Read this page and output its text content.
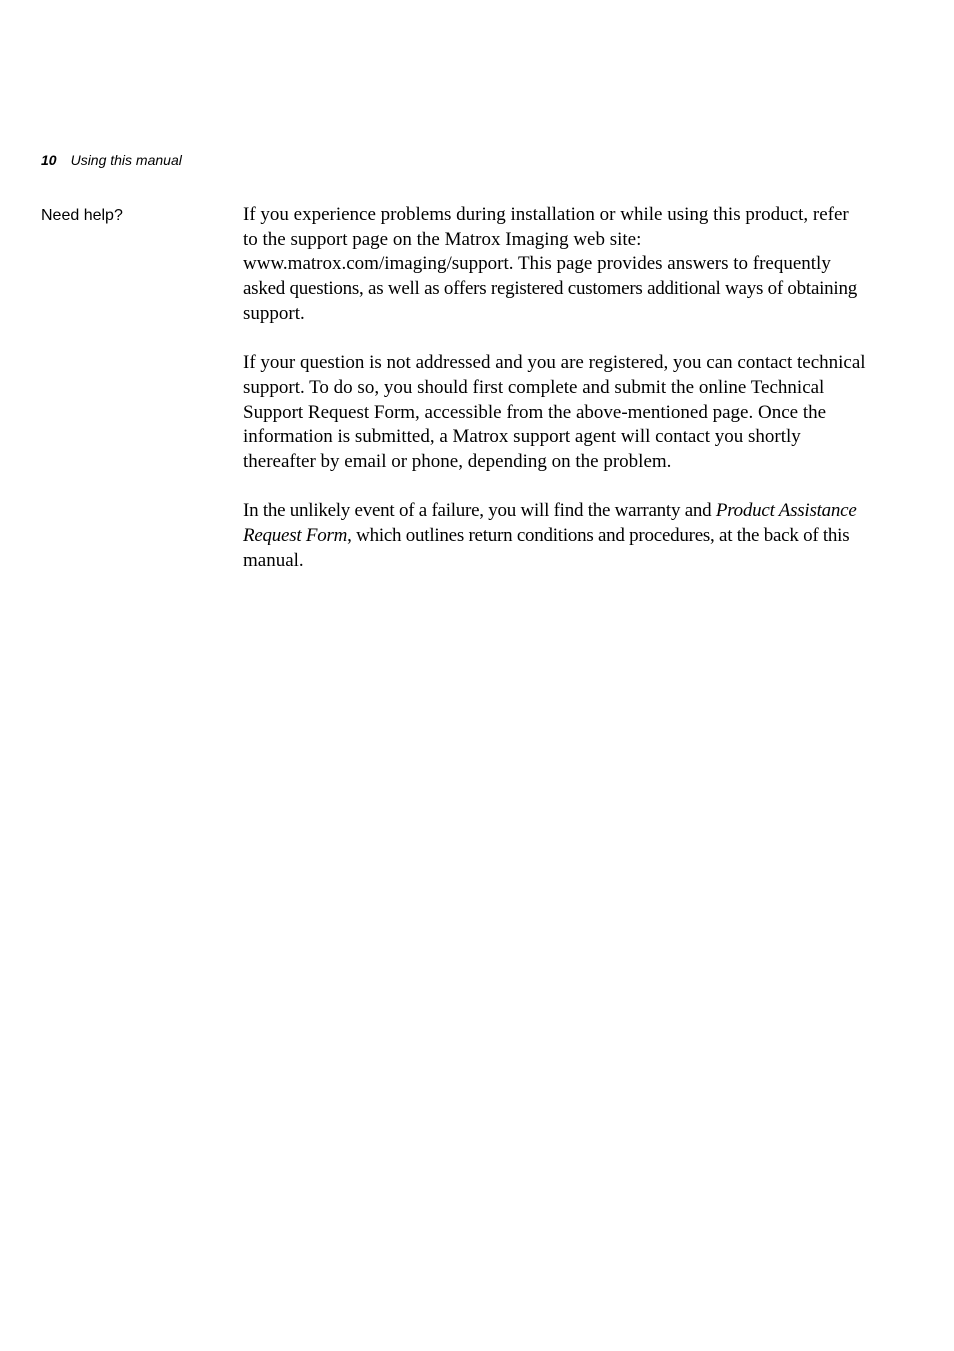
10 Using this manual
Need help?	If you experience problems during installation or while using this product, refer
to the support page on the Matrox Imaging web site:
www.matrox.com/imaging/support. This page provides answers to frequently
asked questions, as well as offers registered customers additional ways of obtaining
support.

If your question is not addressed and you are registered, you can contact technical
support. To do so, you should first complete and submit the online Technical
Support Request Form, accessible from the above-mentioned page. Once the
information is submitted, a Matrox support agent will contact you shortly
thereafter by email or phone, depending on the problem.

In the unlikely event of a failure, you will find the warranty and Product Assistance
Request Form, which outlines return conditions and procedures, at the back of this
manual.
